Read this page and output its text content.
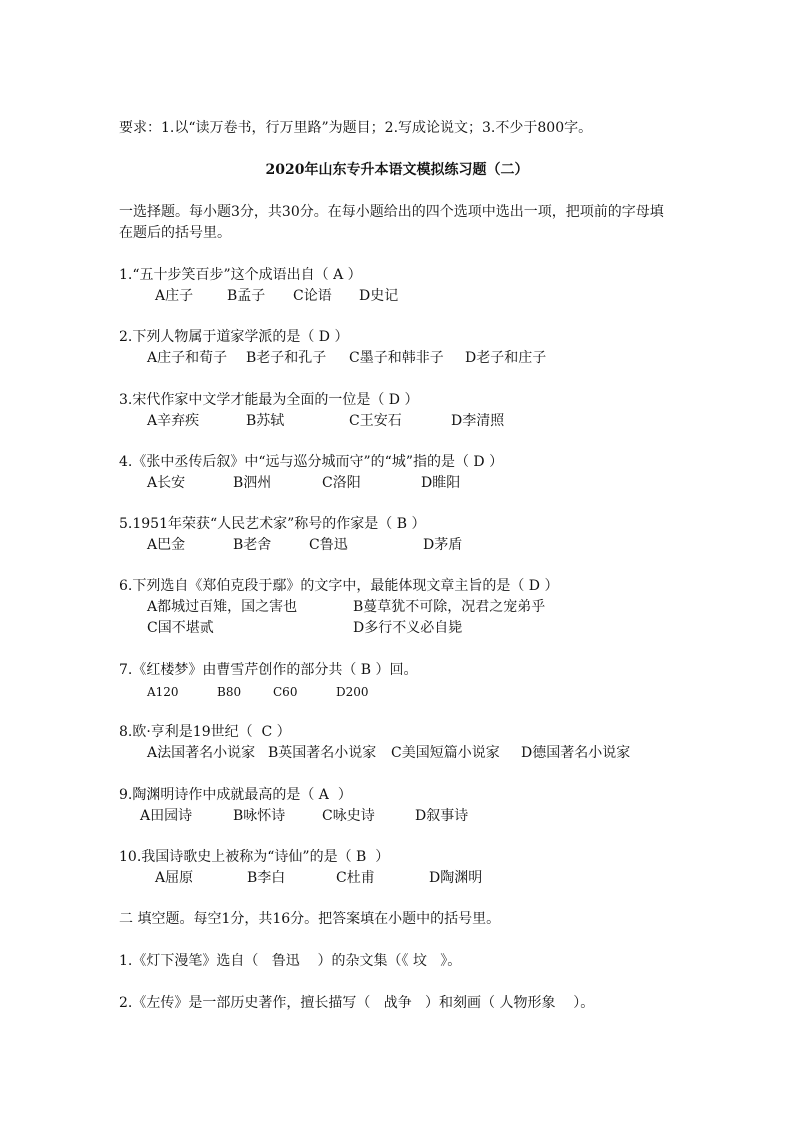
要求：1.以“读万卷书，行万里路”为题目；2.写成论说文；3.不少于800字。
2020年山东专升本语文模拟练习题（二）
一选择题。每小题3分，共30分。在每小题给出的四个选项中选出一项，把项前的字母填
在题后的括号里。
1.“五十步笑百步”这个成语出自（ A ）
A庄子 B孟子 C论语 D史记
2.下列人物属于道家学派的是（ D ）
A庄子和荀子 B老子和孔子 C墨子和韩非子 D老子和庄子
3.宋代作家中文学才能最为全面的一位是（ D ）
A辛弃疾	B苏轼	C王安石	D李清照
4.《张中丞传后叙》中“远与巡分城而守”的“城”指的是（ D ）
A长安	B泗州	C洛阳	D睢阳
5.1951年荣获“人民艺术家”称号的作家是（ B ）
A巴金	B老舍	C鲁迅	D茅盾
6.下列选自《郑伯克段于鄢》的文字中，最能体现文章主旨的是（ D ）
A都城过百雉，国之害也	B蔓草犹不可除，况君之宠弟乎
C国不堪贰	D多行不义必自毙
7.《红楼梦》由曹雪芹创作的部分共（ B ）回。
A120	B80	C60	D200
8.欧·亨利是19世纪（  C ）
A法国著名小说家 B英国著名小说家 C美国短篇小说家 D德国著名小说家
9.陶渊明诗作中成就最高的是（ A  ）
A田园诗	B咏怀诗	C咏史诗	D叙事诗
10.我国诗歌史上被称为“诗仙”的是（ B  ）
A屈原	B李白	C杜甫	D陶渊明
二 填空题。每空1分，共16分。把答案填在小题中的括号里。
1.《灯下漫笔》选自（   鲁迅    ）的杂文集（《 坟   》。
2.《左传》是一部历史著作，擅长描写（   战争   ）和刻画（ 人物形象    ）。
